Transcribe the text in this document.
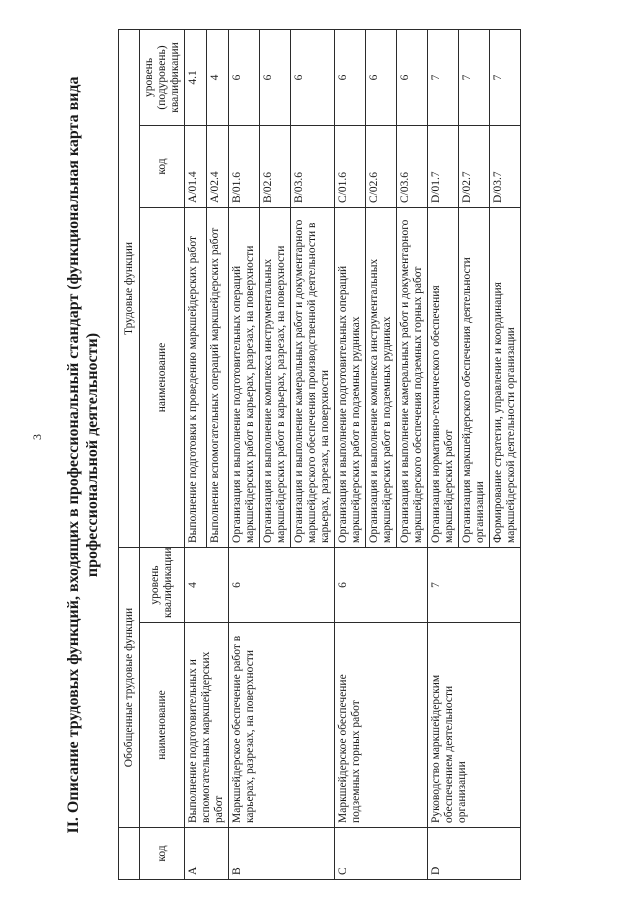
3 II. Описание трудовых функций, входящих в профессиональный стандарт (функциональная карта вида профессиональной деятельности)
	Обобщенные трудовые функции		Трудовые функции		
код	наименование	уровень квалификации	наименование	код	уровень (подуровень) квалификации
A	Выполнение подготовительных и вспомогательных маркшейдерских работ	4	Выполнение подготовки к проведению маркшейдерских работ	A/01.4	4.1
			Выполнение вспомогательных операций маркшейдерских работ	A/02.4	4
B	Маркшейдерское обеспечение работ в карьерах, разрезах, на поверхности	6	Организация и выполнение подготовительных операций маркшейдерских работ в карьерах, разрезах, на поверхности	B/01.6	6
			Организация и выполнение комплекса инструментальных маркшейдерских работ в карьерах, разрезах, на поверхности	B/02.6	6
			Организация и выполнение камеральных работ и документарного маркшейдерского обеспечения производственной деятельности в карьерах, разрезах, на поверхности	B/03.6	6
C	Маркшейдерское обеспечение подземных горных работ	6	Организация и выполнение подготовительных операций маркшейдерских работ в подземных рудниках	C/01.6	6
			Организация и выполнение комплекса инструментальных маркшейдерских работ в подземных рудниках	C/02.6	6
			Организация и выполнение камеральных работ и документарного маркшейдерского обеспечения подземных горных работ	C/03.6	6
D	Руководство маркшейдерским обеспечением деятельности организации	7	Организация нормативно-технического обеспечения маркшейдерских работ	D/01.7	7
			Организация маркшейдерского обеспечения деятельности организации	D/02.7	7
			Формирование стратегии, управление и координация маркшейдерской деятельности организации	D/03.7	7
